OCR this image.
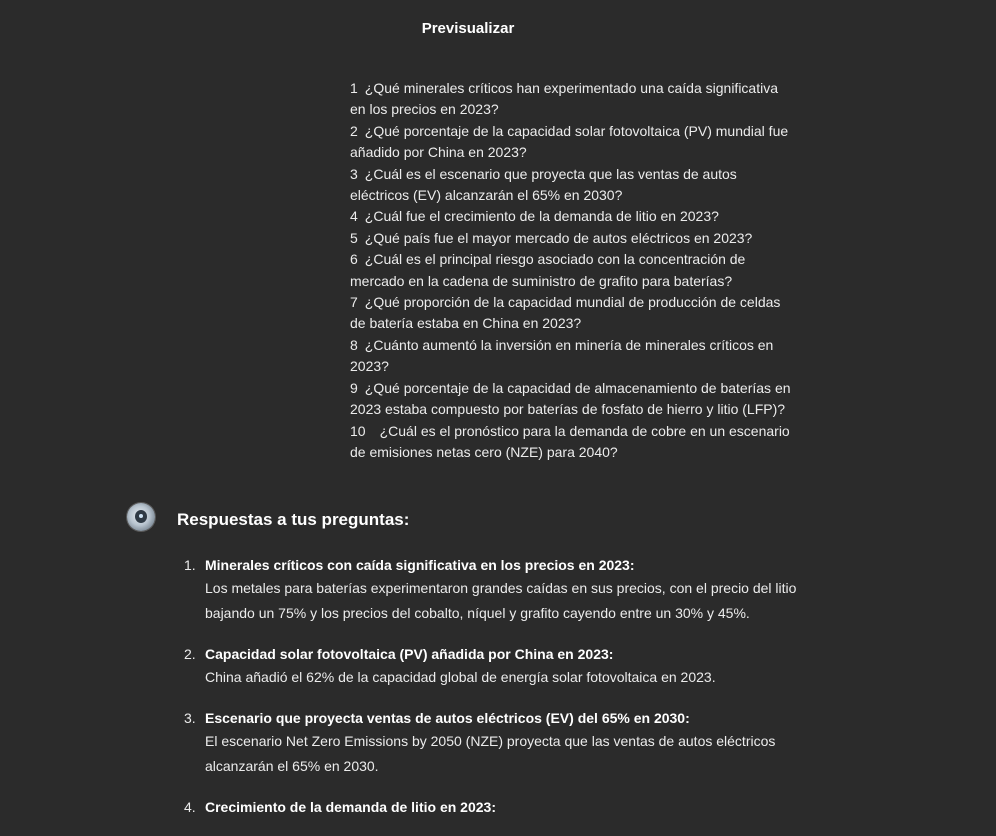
Previsualizar
1 ¿Qué minerales críticos han experimentado una caída significativa
en los precios en 2023?
2 ¿Qué porcentaje de la capacidad solar fotovoltaica (PV) mundial fue
añadido por China en 2023?
3 ¿Cuál es el escenario que proyecta que las ventas de autos
eléctricos (EV) alcanzarán el 65% en 2030?
4 ¿Cuál fue el crecimiento de la demanda de litio en 2023?
5 ¿Qué país fue el mayor mercado de autos eléctricos en 2023?
6 ¿Cuál es el principal riesgo asociado con la concentración de
mercado en la cadena de suministro de grafito para baterías?
7 ¿Qué proporción de la capacidad mundial de producción de celdas
de batería estaba en China en 2023?
8 ¿Cuánto aumentó la inversión en minería de minerales críticos en
2023?
9 ¿Qué porcentaje de la capacidad de almacenamiento de baterías en
2023 estaba compuesto por baterías de fosfato de hierro y litio (LFP)?
10 ¿Cuál es el pronóstico para la demanda de cobre en un escenario
de emisiones netas cero (NZE) para 2040?
Respuestas a tus preguntas:
1. Minerales críticos con caída significativa en los precios en 2023:
Los metales para baterías experimentaron grandes caídas en sus precios, con el precio del litio bajando un 75% y los precios del cobalto, níquel y grafito cayendo entre un 30% y 45%.
2. Capacidad solar fotovoltaica (PV) añadida por China en 2023:
China añadió el 62% de la capacidad global de energía solar fotovoltaica en 2023.
3. Escenario que proyecta ventas de autos eléctricos (EV) del 65% en 2030:
El escenario Net Zero Emissions by 2050 (NZE) proyecta que las ventas de autos eléctricos alcanzarán el 65% en 2030.
4. Crecimiento de la demanda de litio en 2023:
